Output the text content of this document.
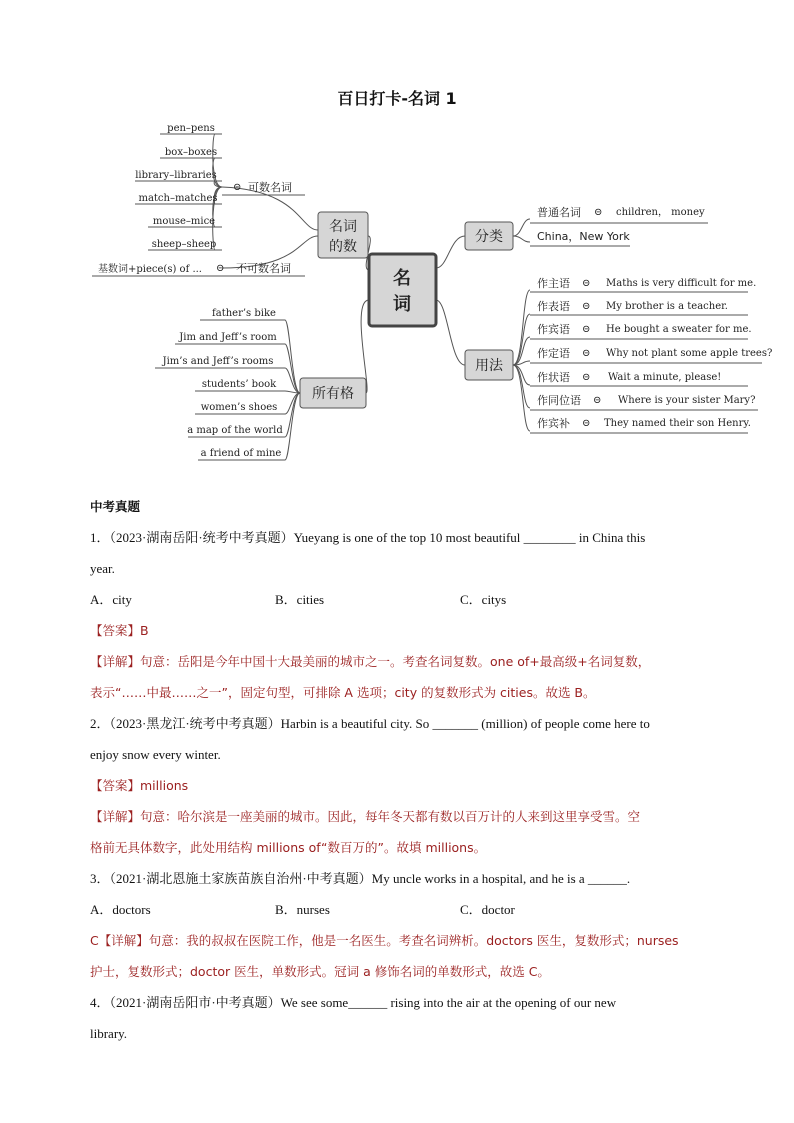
百日打卡-名词 1
名词
的数
所有格
名
词
分类
用法
可数名词
⊝
不可数名词
⊝
pen–pens
box–boxes
library–libraries
match–matches
mouse–mice
sheep–sheep
基数词+piece(s) of ...
father’s bike
Jim and Jeff’s room
Jim’s and Jeff’s rooms
students’ book
women’s shoes
a map of the world
a friend of mine
普通名词 ⊝ children， money
China，New York
作主语 ⊝ Maths is very difficult for me.
作表语 ⊝ My brother is a teacher.
作宾语 ⊝ He bought a sweater for me.
作定语 ⊝ Why not plant some apple trees?
作状语 ⊝ Wait a minute, please!
作同位语 ⊝ Where is your sister Mary?
作宾补 ⊝ They named their son Henry.
中考真题
1．（2023·湖南岳阳·统考中考真题）Yueyang is one of the top 10 most beautiful ________ in China this
year.
A．city	B．cities	C．citys
【答案】B
【详解】句意：岳阳是今年中国十大最美丽的城市之一。考查名词复数。one of+最高级+名词复数，
表示“……中最……之一”，固定句型，可排除 A 选项；city 的复数形式为 cities。故选 B。
2．（2023·黑龙江·统考中考真题）Harbin is a beautiful city. So _______ (million) of people come here to
enjoy snow every winter.
【答案】millions
【详解】句意：哈尔滨是一座美丽的城市。因此，每年冬天都有数以百万计的人来到这里享受雪。空
格前无具体数字，此处用结构 millions of“数百万的”。故填 millions。
3．（2021·湖北恩施土家族苗族自治州·中考真题）My uncle works in a hospital, and he is a ______.
A．doctors	B．nurses	C．doctor
C【详解】句意：我的叔叔在医院工作，他是一名医生。考查名词辨析。doctors 医生，复数形式；nurses
护士，复数形式；doctor 医生，单数形式。冠词 a 修饰名词的单数形式，故选 C。
4．（2021·湖南岳阳市·中考真题）We see some______ rising into the air at the opening of our new
library.
